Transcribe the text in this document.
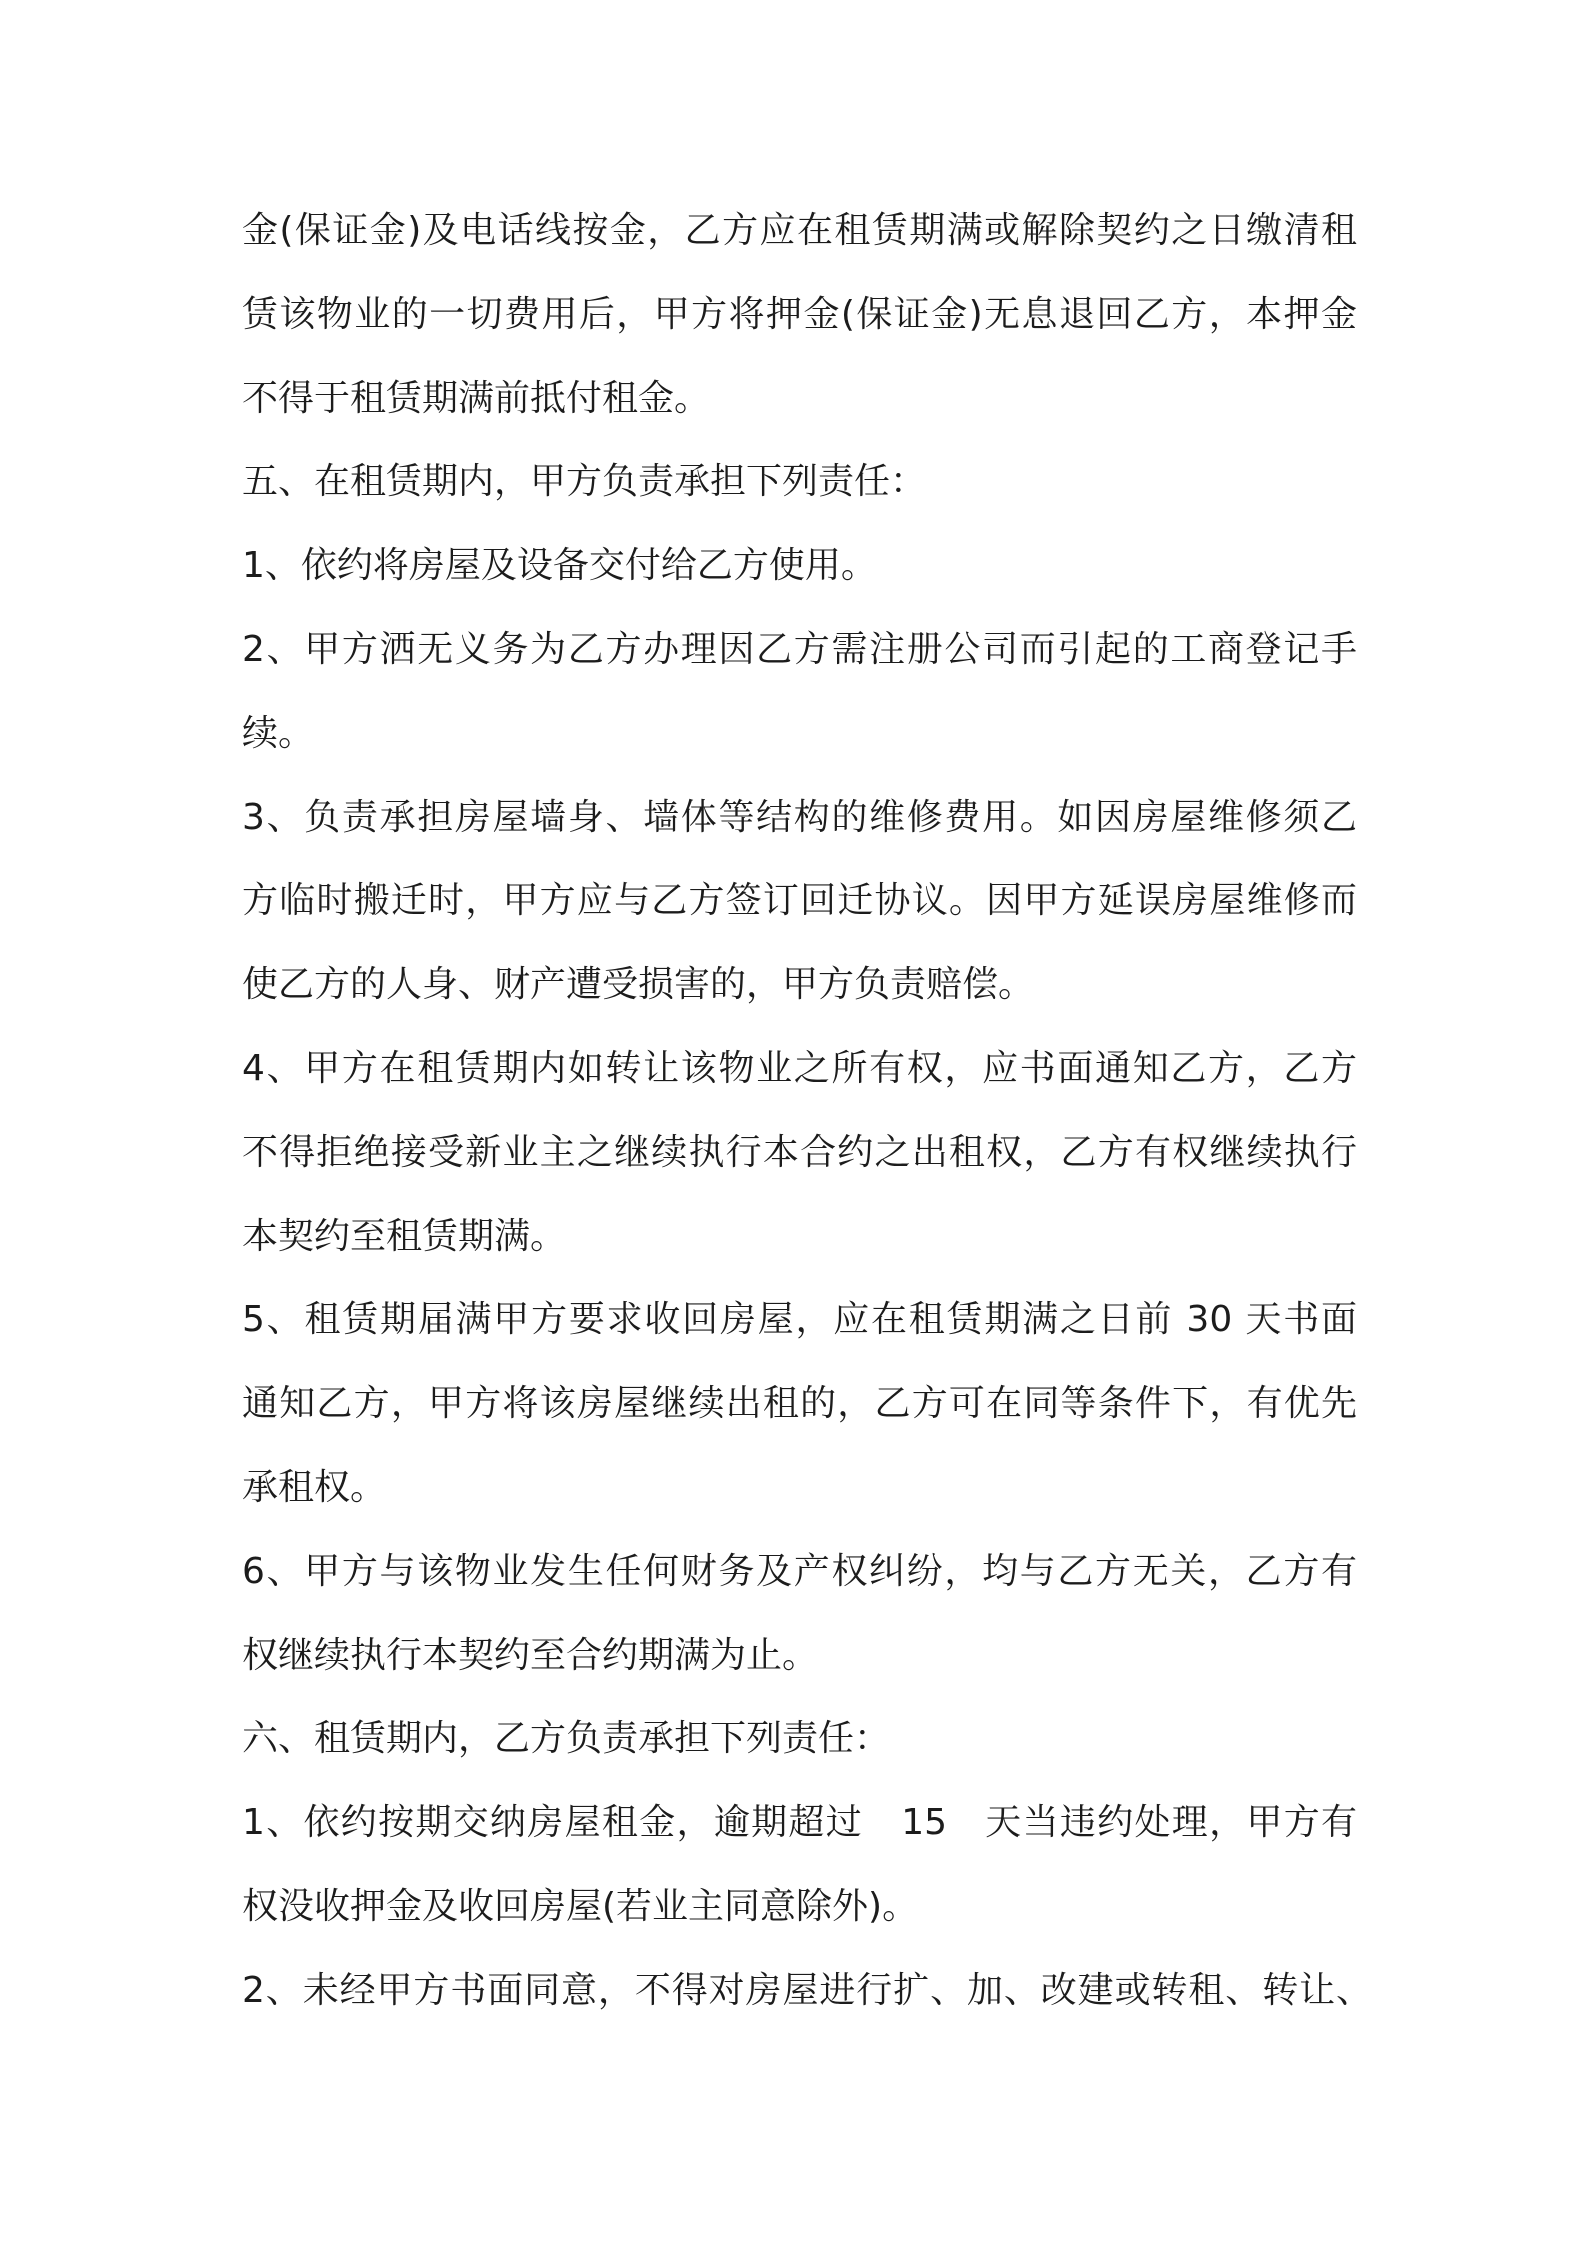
金(保证金)及电话线按金，乙方应在租赁期满或解除契约之日缴清租
赁该物业的一切费用后，甲方将押金(保证金)无息退回乙方，本押金
不得于租赁期满前抵付租金。
五、在租赁期内，甲方负责承担下列责任：
1、依约将房屋及设备交付给乙方使用。
2、甲方洒无义务为乙方办理因乙方需注册公司而引起的工商登记手
续。
3、负责承担房屋墙身、墙体等结构的维修费用。如因房屋维修须乙
方临时搬迁时，甲方应与乙方签订回迁协议。因甲方延误房屋维修而
使乙方的人身、财产遭受损害的，甲方负责赔偿。
4、甲方在租赁期内如转让该物业之所有权，应书面通知乙方，乙方
不得拒绝接受新业主之继续执行本合约之出租权，乙方有权继续执行
本契约至租赁期满。
5、租赁期届满甲方要求收回房屋，应在租赁期满之日前 30 天书面
通知乙方，甲方将该房屋继续出租的，乙方可在同等条件下，有优先
承租权。
6、甲方与该物业发生任何财务及产权纠纷，均与乙方无关，乙方有
权继续执行本契约至合约期满为止。
六、租赁期内，乙方负责承担下列责任：
1、依约按期交纳房屋租金，逾期超过   15   天当违约处理，甲方有
权没收押金及收回房屋(若业主同意除外)。
2、未经甲方书面同意，不得对房屋进行扩、加、改建或转租、转让、
